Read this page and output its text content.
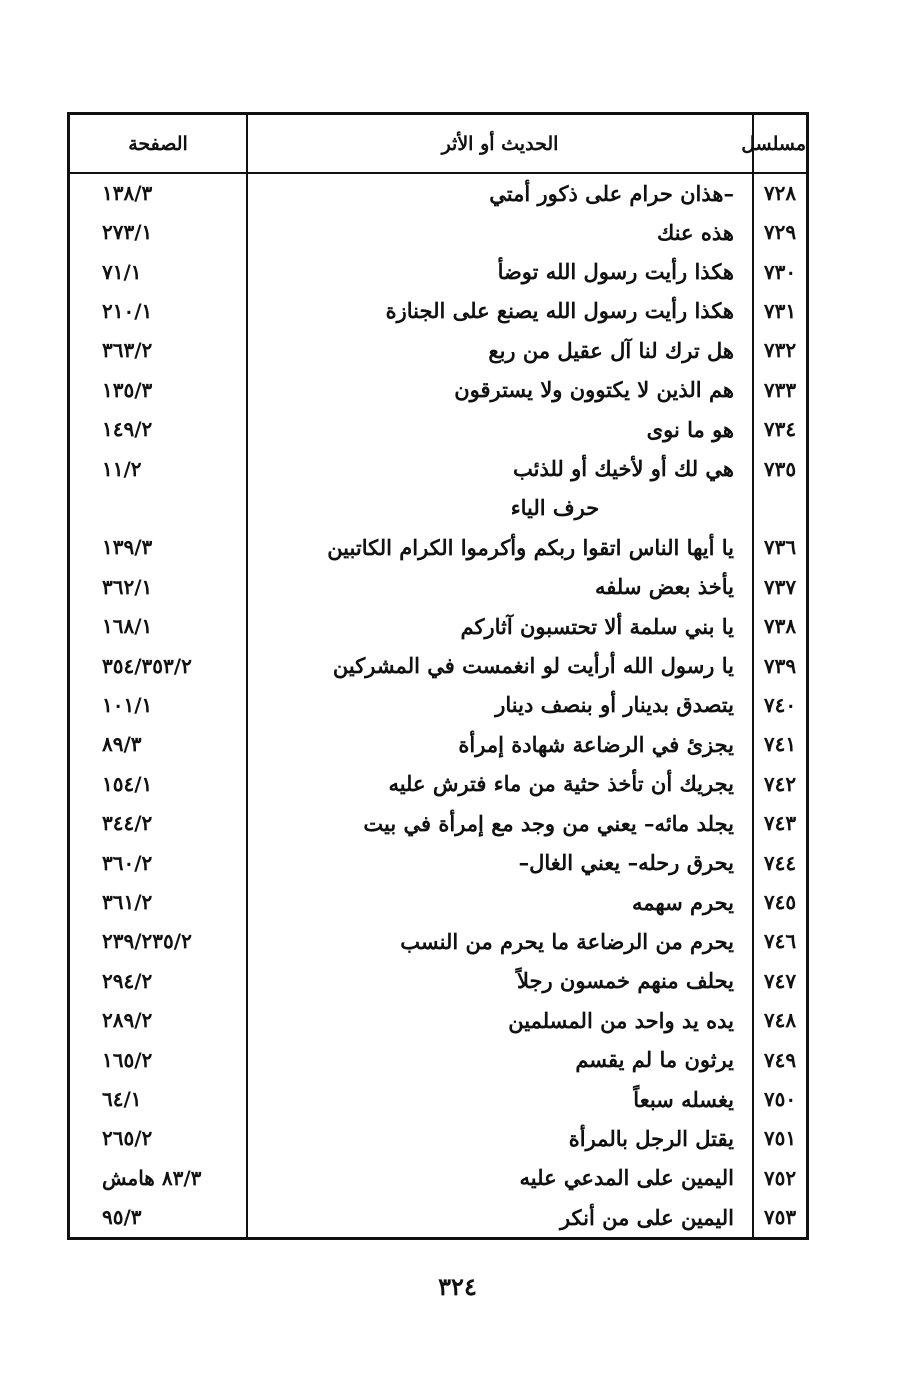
مسلسل	الحديث أو الأثر	الصفحة
٧٢٨	–هذان حرام على ذكور أمتي	١٣٨/٣
٧٢٩	هذه عنك	٢٧٣/١
٧٣٠	هكذا رأيت رسول الله توضأ	٧١/١
٧٣١	هكذا رأيت رسول الله يصنع على الجنازة	٢١٠/١
٧٣٢	هل ترك لنا آل عقيل من ربع	٣٦٣/٢
٧٣٣	هم الذين لا يكتوون ولا يسترقون	١٣٥/٣
٧٣٤	هو ما نوى	١٤٩/٢
٧٣٥	هي لك أو لأخيك أو للذئب	١١/٢
	حرف الياء	
٧٣٦	يا أيها الناس اتقوا ربكم وأكرموا الكرام الكاتبين	١٣٩/٣
٧٣٧	يأخذ بعض سلفه	٣٦٢/١
٧٣٨	يا بني سلمة ألا تحتسبون آثاركم	١٦٨/١
٧٣٩	يا رسول الله أرأيت لو انغمست في المشركين	٣٥٤/٣٥٣/٢
٧٤٠	يتصدق بدينار أو بنصف دينار	١٠١/١
٧٤١	يجزئ في الرضاعة شهادة إمرأة	٨٩/٣
٧٤٢	يجريك أن تأخذ حثية من ماء فترش عليه	١٥٤/١
٧٤٣	يجلد مائه– يعني من وجد مع إمرأة في بيت	٣٤٤/٢
٧٤٤	يحرق رحله– يعني الغال–	٣٦٠/٢
٧٤٥	يحرم سهمه	٣٦١/٢
٧٤٦	يحرم من الرضاعة ما يحرم من النسب	٢٣٩/٢٣٥/٢
٧٤٧	يحلف منهم خمسون رجلاً	٢٩٤/٢
٧٤٨	يده يد واحد من المسلمين	٢٨٩/٢
٧٤٩	يرثون ما لم يقسم	١٦٥/٢
٧٥٠	يغسله سبعاً	٦٤/١
٧٥١	يقتل الرجل بالمرأة	٢٦٥/٢
٧٥٢	اليمين على المدعي عليه	٨٣/٣ هامش
٧٥٣	اليمين على من أنكر	٩٥/٣
٣٢٤
